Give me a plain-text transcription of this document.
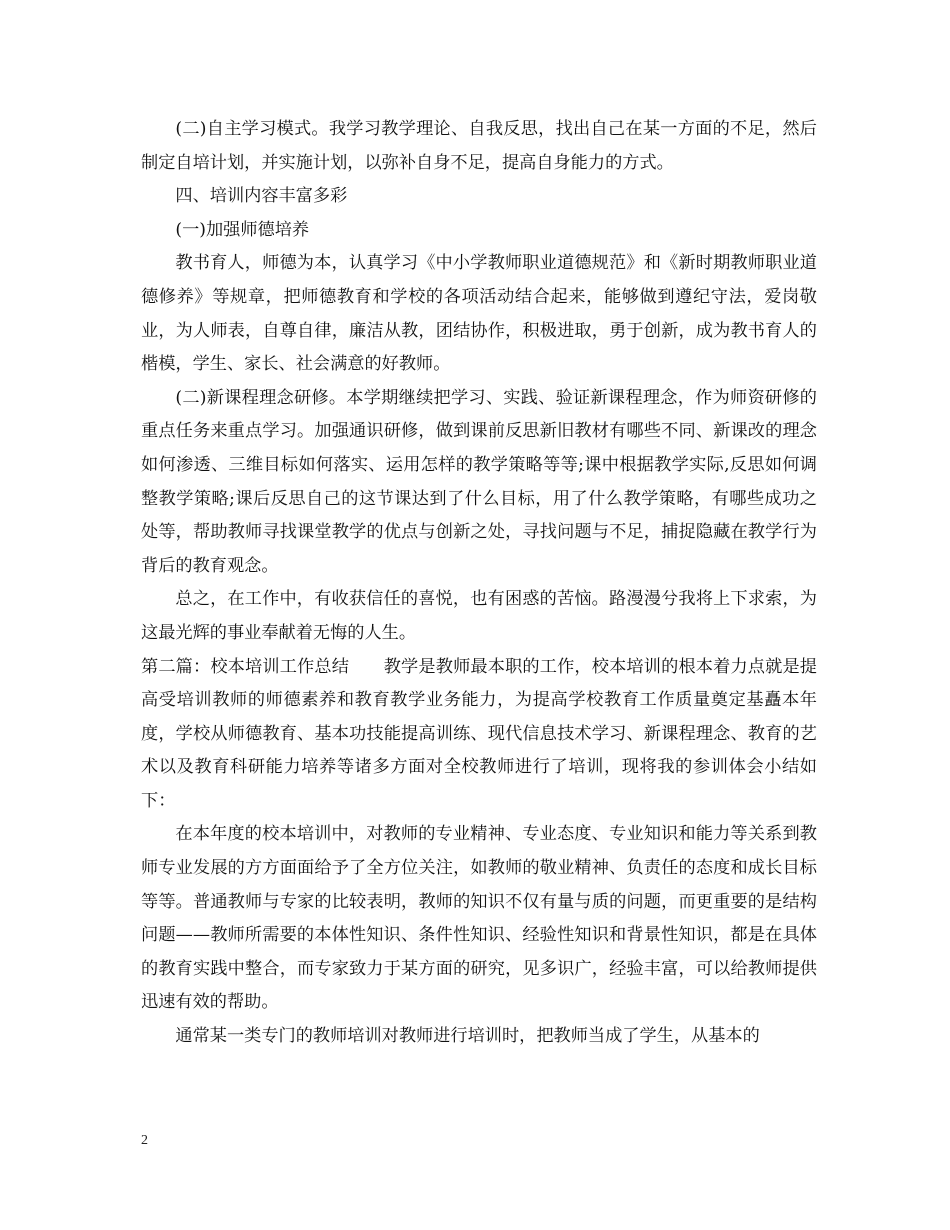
(二)自主学习模式。我学习教学理论、自我反思，找出自己在某一方面的不足，然后制定自培计划，并实施计划，以弥补自身不足，提高自身能力的方式。

四、培训内容丰富多彩

(一)加强师德培养

教书育人，师德为本，认真学习《中小学教师职业道德规范》和《新时期教师职业道德修养》等规章，把师德教育和学校的各项活动结合起来，能够做到遵纪守法，爱岗敬业，为人师表，自尊自律，廉洁从教，团结协作，积极进取，勇于创新，成为教书育人的楷模，学生、家长、社会满意的好教师。

(二)新课程理念研修。本学期继续把学习、实践、验证新课程理念，作为师资研修的重点任务来重点学习。加强通识研修，做到课前反思新旧教材有哪些不同、新课改的理念如何渗透、三维目标如何落实、运用怎样的教学策略等等;课中根据教学实际,反思如何调整教学策略;课后反思自己的这节课达到了什么目标，用了什么教学策略，有哪些成功之处等，帮助教师寻找课堂教学的优点与创新之处，寻找问题与不足，捕捉隐藏在教学行为背后的教育观念。

总之，在工作中，有收获信任的喜悦，也有困惑的苦恼。路漫漫兮我将上下求索，为这最光辉的事业奉献着无悔的人生。

第二篇：校本培训工作总结　　教学是教师最本职的工作，校本培训的根本着力点就是提高受培训教师的师德素养和教育教学业务能力，为提高学校教育工作质量奠定基矗本年度，学校从师德教育、基本功技能提高训练、现代信息技术学习、新课程理念、教育的艺术以及教育科研能力培养等诸多方面对全校教师进行了培训，现将我的参训体会小结如下：

在本年度的校本培训中，对教师的专业精神、专业态度、专业知识和能力等关系到教师专业发展的方方面面给予了全方位关注，如教师的敬业精神、负责任的态度和成长目标等等。普通教师与专家的比较表明，教师的知识不仅有量与质的问题，而更重要的是结构问题——教师所需要的本体性知识、条件性知识、经验性知识和背景性知识，都是在具体的教育实践中整合，而专家致力于某方面的研究，见多识广，经验丰富，可以给教师提供迅速有效的帮助。

通常某一类专门的教师培训对教师进行培训时，把教师当成了学生，从基本的

2
